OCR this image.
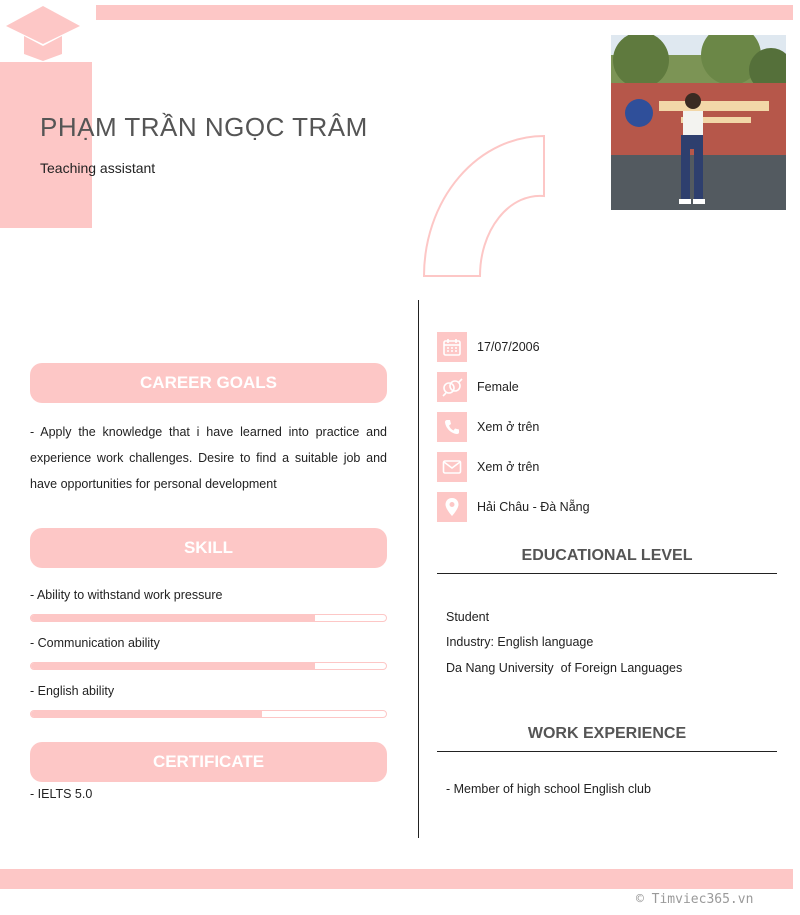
PHẠM TRẦN NGỌC TRÂM
Teaching assistant
CAREER GOALS

- Apply the knowledge that i have learned into practice and experience work challenges. Desire to find a suitable job and have opportunities for personal development

SKILL
- Ability to withstand work pressure
- Communication ability
- English ability
CERTIFICATE
- IELTS 5.0
17/07/2006
Female
Xem ở trên
Xem ở trên
Hải Châu - Đà Nẵng
EDUCATIONAL LEVEL
Student
Industry: English language
Da Nang University  of Foreign Languages
WORK EXPERIENCE
- Member of high school English club
© Timviec365.vn
